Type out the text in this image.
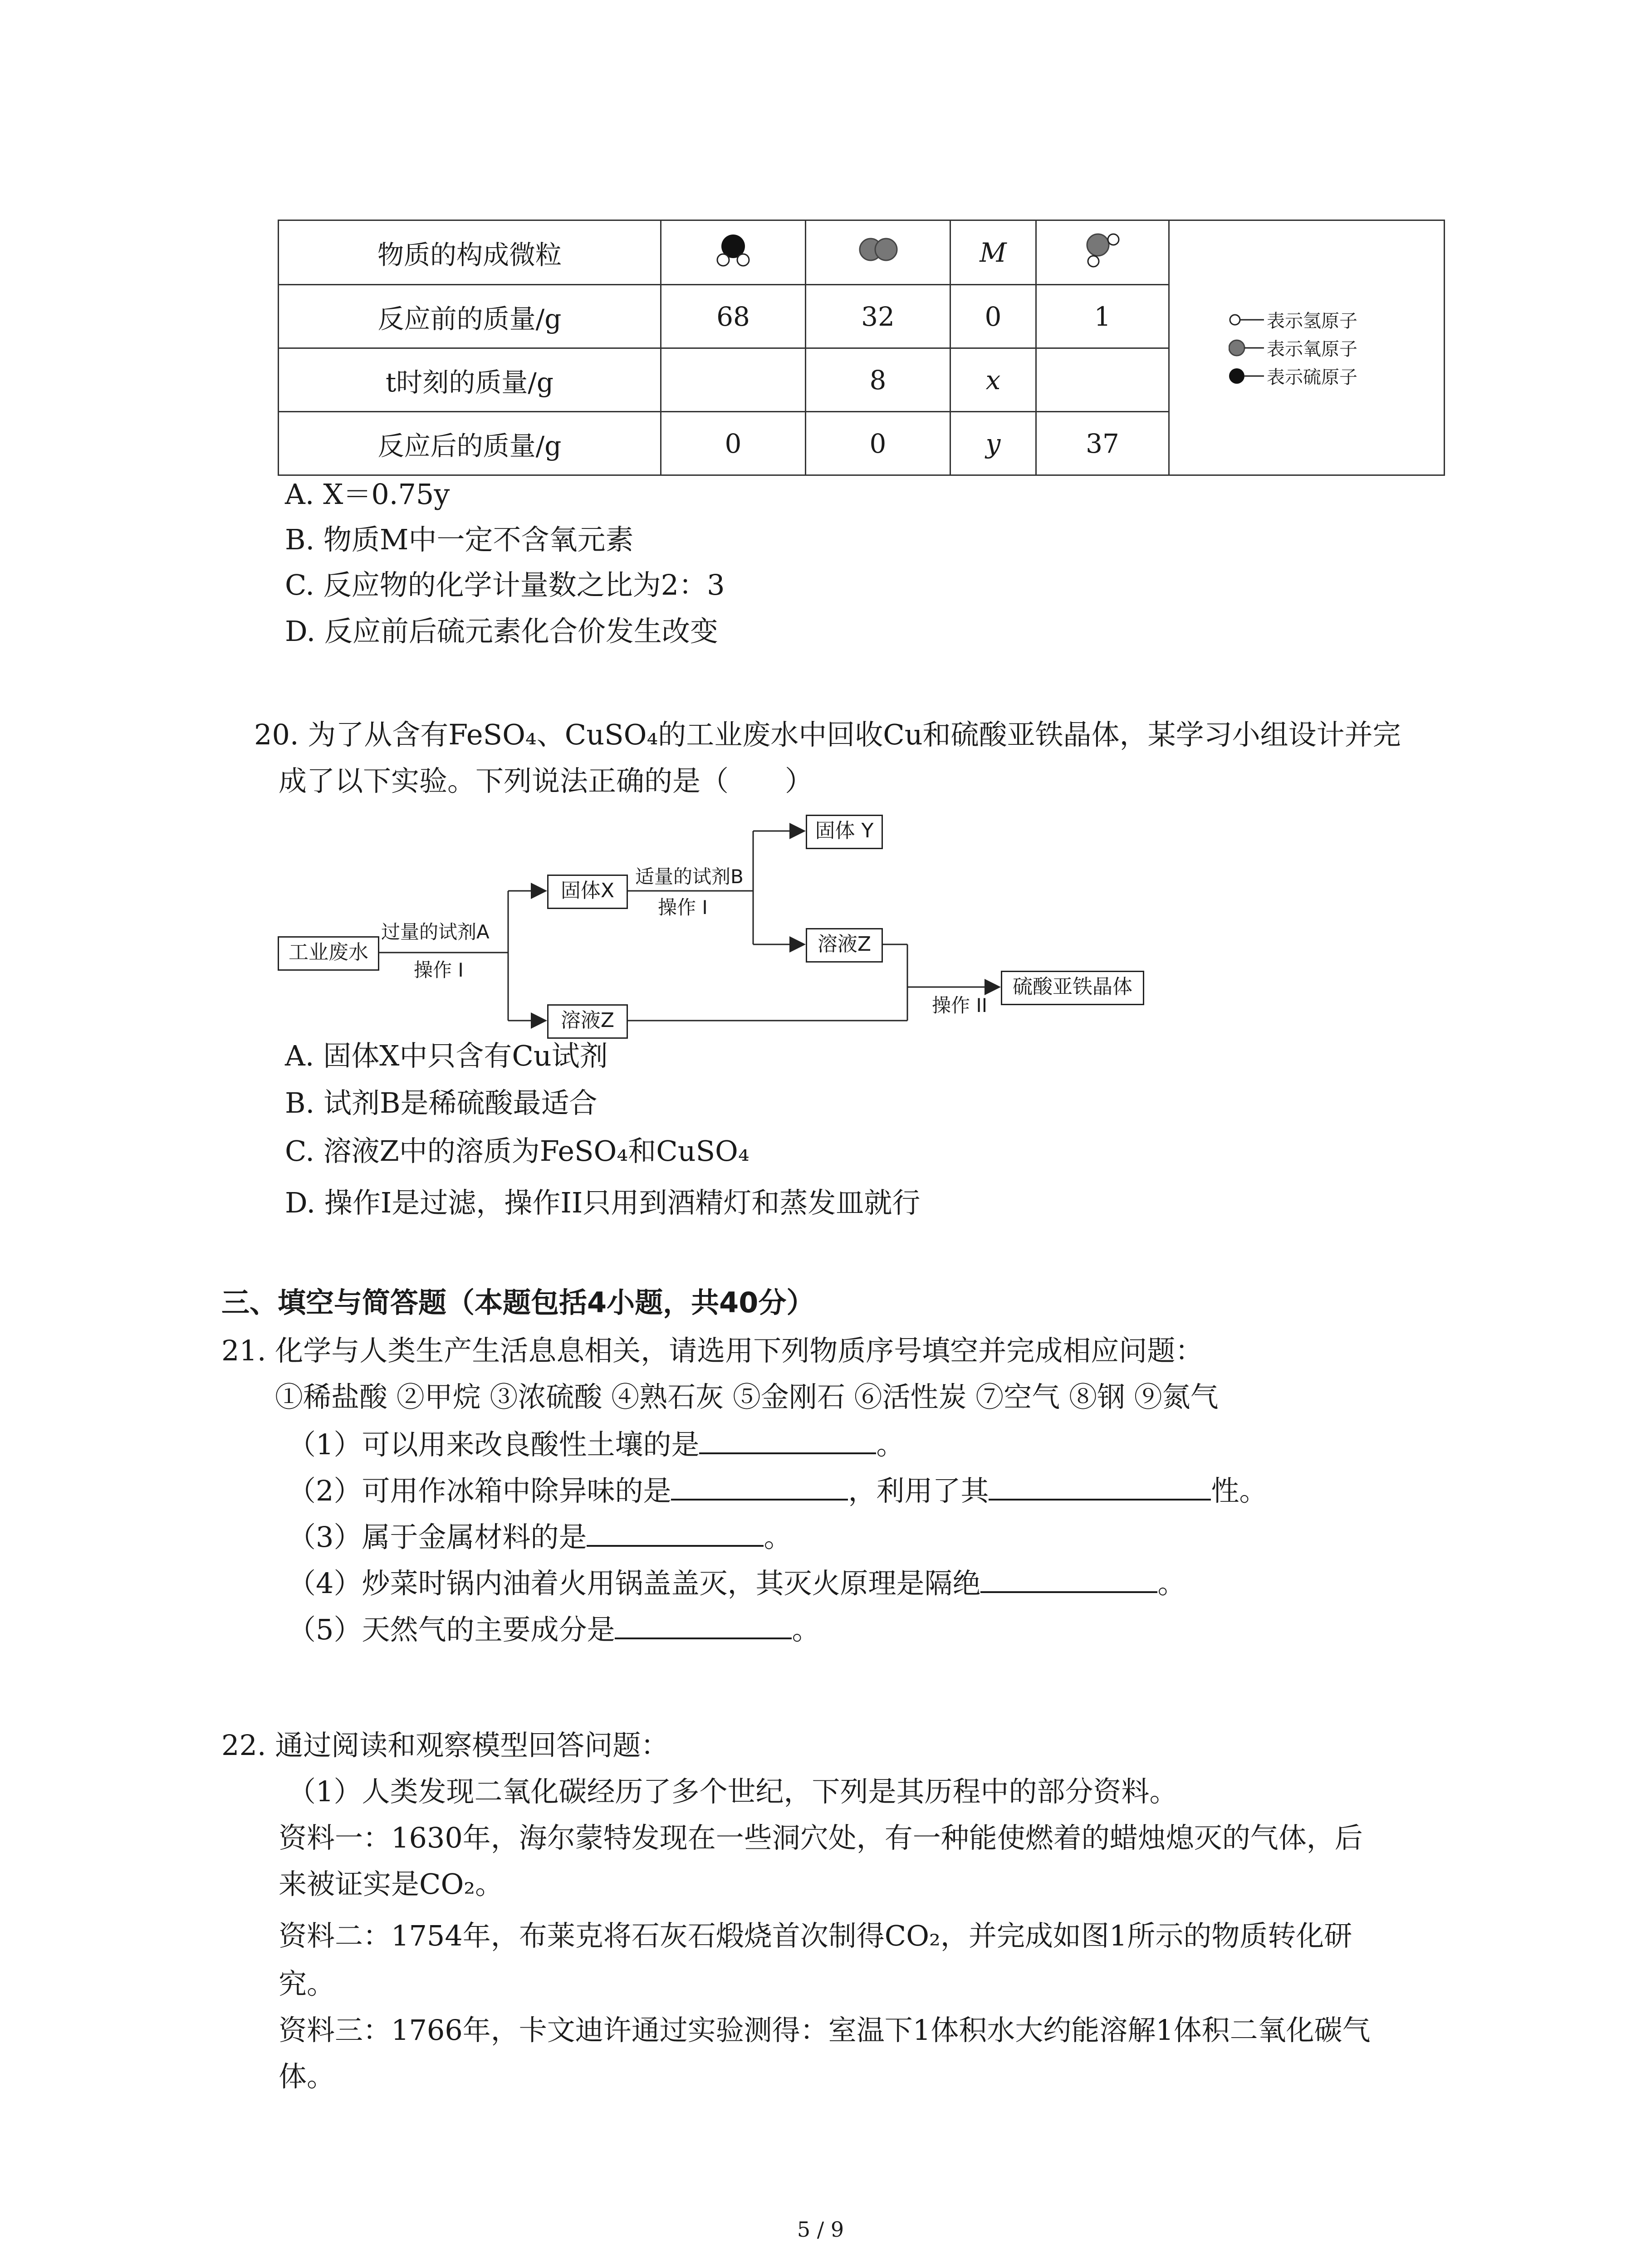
物质的构成微粒			M		表示氢原子
表示氧原子
表示硫原子

反应前的质量/g	68	32	0	1	
t时刻的质量/g		8	x		
反应后的质量/g	0	0	y	37	
A. X＝0.75y
B. 物质M中一定不含氧元素
C. 反应物的化学计量数之比为2：3
D. 反应前后硫元素化合价发生改变
20. 为了从含有FeSO₄、CuSO₄的工业废水中回收Cu和硫酸亚铁晶体，某学习小组设计并完
成了以下实验。下列说法正确的是（　　）
工业废水
过量的试剂A
操作 I
固体X
溶液Z
适量的试剂B
操作 I
固体 Y
溶液Z
操作 II
硫酸亚铁晶体
A. 固体X中只含有Cu试剂
B. 试剂B是稀硫酸最适合
C. 溶液Z中的溶质为FeSO₄和CuSO₄
D. 操作I是过滤，操作II只用到酒精灯和蒸发皿就行
三、填空与简答题（本题包括4小题，共40分）
21. 化学与人类生产生活息息相关，请选用下列物质序号填空并完成相应问题：
①稀盐酸 ②甲烷 ③浓硫酸 ④熟石灰 ⑤金刚石 ⑥活性炭 ⑦空气 ⑧钢 ⑨氮气
（1）可以用来改良酸性土壤的是	。
（2）可用作冰箱中除异味的是	，利用了其	性。
（3）属于金属材料的是	。
（4）炒菜时锅内油着火用锅盖盖灭，其灭火原理是隔绝	。
（5）天然气的主要成分是	。
22. 通过阅读和观察模型回答问题：
（1）人类发现二氧化碳经历了多个世纪，下列是其历程中的部分资料。
资料一：1630年，海尔蒙特发现在一些洞穴处，有一种能使燃着的蜡烛熄灭的气体，后
来被证实是CO₂。
资料二：1754年，布莱克将石灰石煅烧首次制得CO₂，并完成如图1所示的物质转化研
究。
资料三：1766年，卡文迪许通过实验测得：室温下1体积水大约能溶解1体积二氧化碳气
体。
5 / 9
